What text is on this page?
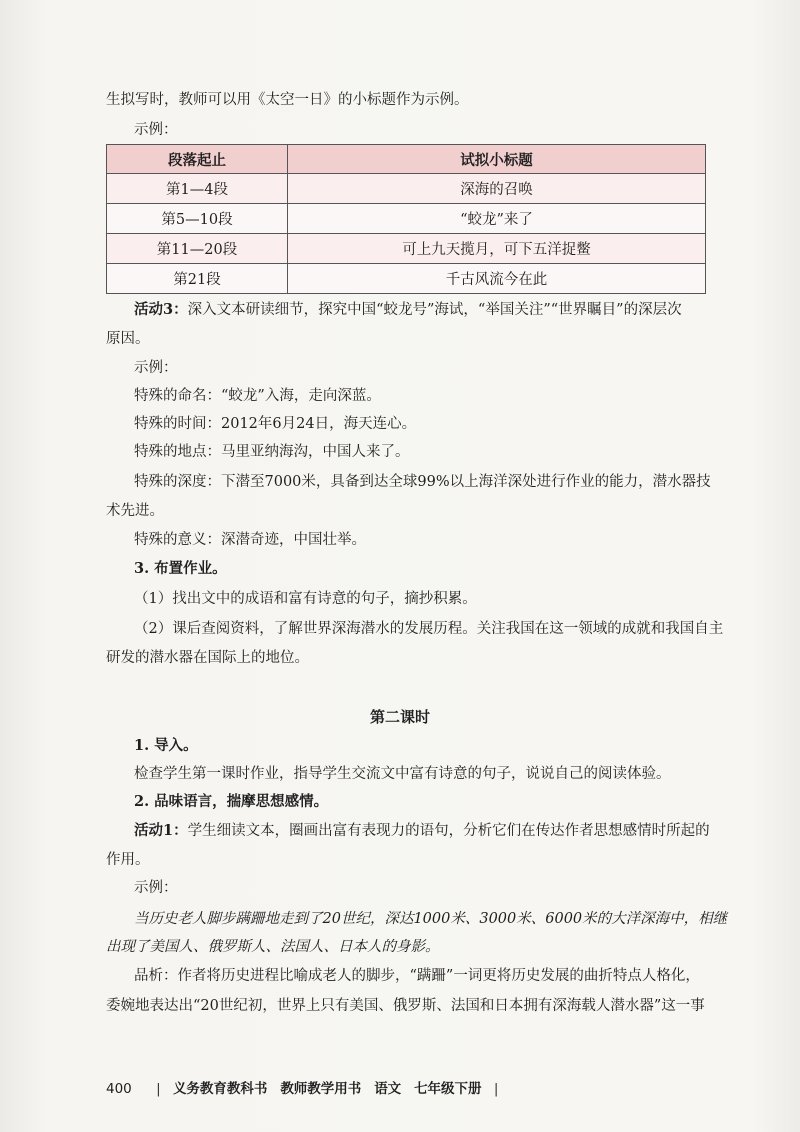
生拟写时，教师可以用《太空一日》的小标题作为示例。
示例：
段落起止	试拟小标题
第1—4段	深海的召唤
第5—10段	“蛟龙”来了
第11—20段	可上九天揽月，可下五洋捉鳖
第21段	千古风流今在此
活动3：深入文本研读细节，探究中国“蛟龙号”海试，“举国关注”“世界瞩目”的深层次
原因。
示例：
特殊的命名：“蛟龙”入海，走向深蓝。
特殊的时间：2012年6月24日，海天连心。
特殊的地点：马里亚纳海沟，中国人来了。
特殊的深度：下潜至7000米，具备到达全球99%以上海洋深处进行作业的能力，潜水器技
术先进。
特殊的意义：深潜奇迹，中国壮举。
3. 布置作业。
（1）找出文中的成语和富有诗意的句子，摘抄积累。
（2）课后查阅资料，了解世界深海潜水的发展历程。关注我国在这一领域的成就和我国自主
研发的潜水器在国际上的地位。
第二课时
1. 导入。
检查学生第一课时作业，指导学生交流文中富有诗意的句子，说说自己的阅读体验。
2. 品味语言，揣摩思想感情。
活动1：学生细读文本，圈画出富有表现力的语句，分析它们在传达作者思想感情时所起的
作用。
示例：
当历史老人脚步蹒跚地走到了20世纪，深达1000米、3000米、6000米的大洋深海中，相继
出现了美国人、俄罗斯人、法国人、日本人的身影。
品析：作者将历史进程比喻成老人的脚步，“蹒跚”一词更将历史发展的曲折特点人格化，
委婉地表达出“20世纪初，世界上只有美国、俄罗斯、法国和日本拥有深海载人潜水器”这一事
400 | 义务教育教科书 教师教学用书 语文 七年级下册 |
